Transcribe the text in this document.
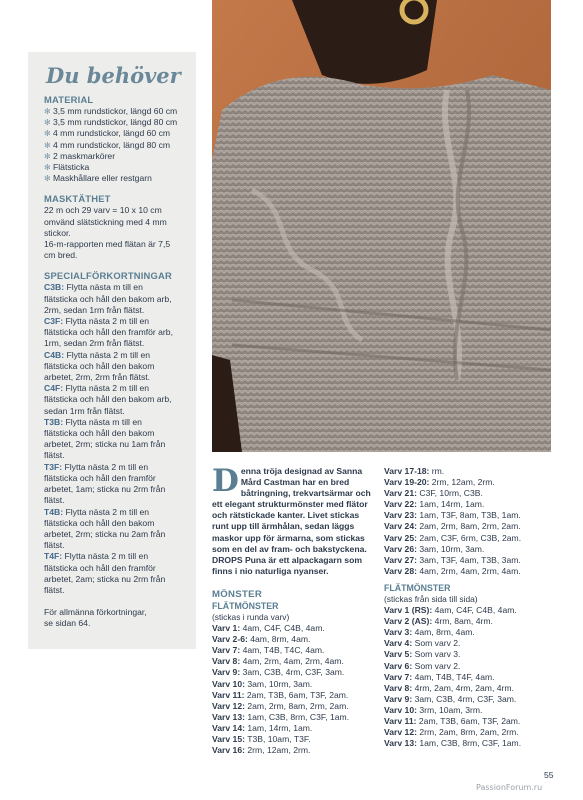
Du behöver
MATERIAL
✻ 3,5 mm rundstickor, längd 60 cm
✻ 3,5 mm rundstickor, längd 80 cm
✻ 4 mm rundstickor, längd 60 cm
✻ 4 mm rundstickor, längd 80 cm
✻ 2 maskmarkörer
✻ Flätsticka
✻ Maskhållare eller restgarn
MASKTÄTHET
22 m och 29 varv = 10 x 10 cm
omvänd slätstickning med 4 mm
stickor.
16-m-rapporten med flätan är 7,5
cm bred.
SPECIALFÖRKORTNINGAR
C3B: Flytta nästa m till en
flätsticka och håll den bakom arb,
2rm, sedan 1rm från flätst.
C3F: Flytta nästa 2 m till en
flätsticka och håll den framför arb,
1rm, sedan 2rm från flätst.
C4B: Flytta nästa 2 m till en
flätsticka och håll den bakom
arbetet, 2rm, 2rm från flätst.
C4F: Flytta nästa 2 m till en
flätsticka och håll den bakom arb,
sedan 1rm från flätst.
T3B: Flytta nästa m till en
flätsticka och håll den bakom
arbetet, 2rm; sticka nu 1am från
flätst.
T3F: Flytta nästa 2 m till en
flätsticka och håll den framför
arbetet, 1am; sticka nu 2rm från
flätst.
T4B: Flytta nästa 2 m till en
flätsticka och håll den bakom
arbetet, 2rm; sticka nu 2am från
flätst.
T4F: Flytta nästa 2 m till en
flätsticka och håll den framför
arbetet, 2am; sticka nu 2rm från
flätst.
För allmänna förkortningar,
se sidan 64.
Denna tröja designad av Sanna Mård Castman har en bred båtringning, trekvartsärmar och ett elegant strukturmönster med flätor och rätstickade kanter. Livet stickas runt upp till ärmhålan, sedan läggs maskor upp för ärmarna, som stickas som en del av fram- och bakstyckena. DROPS Puna är ett alpackagarn som finns i nio naturliga nyanser.
MÖNSTER
FLÄTMÖNSTER
(stickas i runda varv)
Varv 1: 4am, C4F, C4B, 4am.
Varv 2-6: 4am, 8rm, 4am.
Varv 7: 4am, T4B, T4C, 4am.
Varv 8: 4am, 2rm, 4am, 2rm, 4am.
Varv 9: 3am, C3B, 4rm, C3F, 3am.
Varv 10: 3am, 10rm, 3am.
Varv 11: 2am, T3B, 6am, T3F, 2am.
Varv 12: 2am, 2rm, 8am, 2rm, 2am.
Varv 13: 1am, C3B, 8rm, C3F, 1am.
Varv 14: 1am, 14rm, 1am.
Varv 15: T3B, 10am, T3F.
Varv 16: 2rm, 12am, 2rm.
Varv 17-18: rm.
Varv 19-20: 2rm, 12am, 2rm.
Varv 21: C3F, 10rm, C3B.
Varv 22: 1am, 14rm, 1am.
Varv 23: 1am, T3F, 8am, T3B, 1am.
Varv 24: 2am, 2rm, 8am, 2rm, 2am.
Varv 25: 2am, C3F, 6rm, C3B, 2am.
Varv 26: 3am, 10rm, 3am.
Varv 27: 3am, T3F, 4am, T3B, 3am.
Varv 28: 4am, 2rm, 4am, 2rm, 4am.
FLÄTMÖNSTER
(stickas från sida till sida)
Varv 1 (RS): 4am, C4F, C4B, 4am.
Varv 2 (AS): 4rm, 8am, 4rm.
Varv 3: 4am, 8rm, 4am.
Varv 4: Som varv 2.
Varv 5: Som varv 3.
Varv 6: Som varv 2.
Varv 7: 4am, T4B, T4F, 4am.
Varv 8: 4rm, 2am, 4rm, 2am, 4rm.
Varv 9: 3am, C3B, 4rm, C3F, 3am.
Varv 10: 3rm, 10am, 3rm.
Varv 11: 2am, T3B, 6am, T3F, 2am.
Varv 12: 2rm, 2am, 8rm, 2am, 2rm.
Varv 13: 1am, C3B, 8rm, C3F, 1am.
55
PassionForum.ru
